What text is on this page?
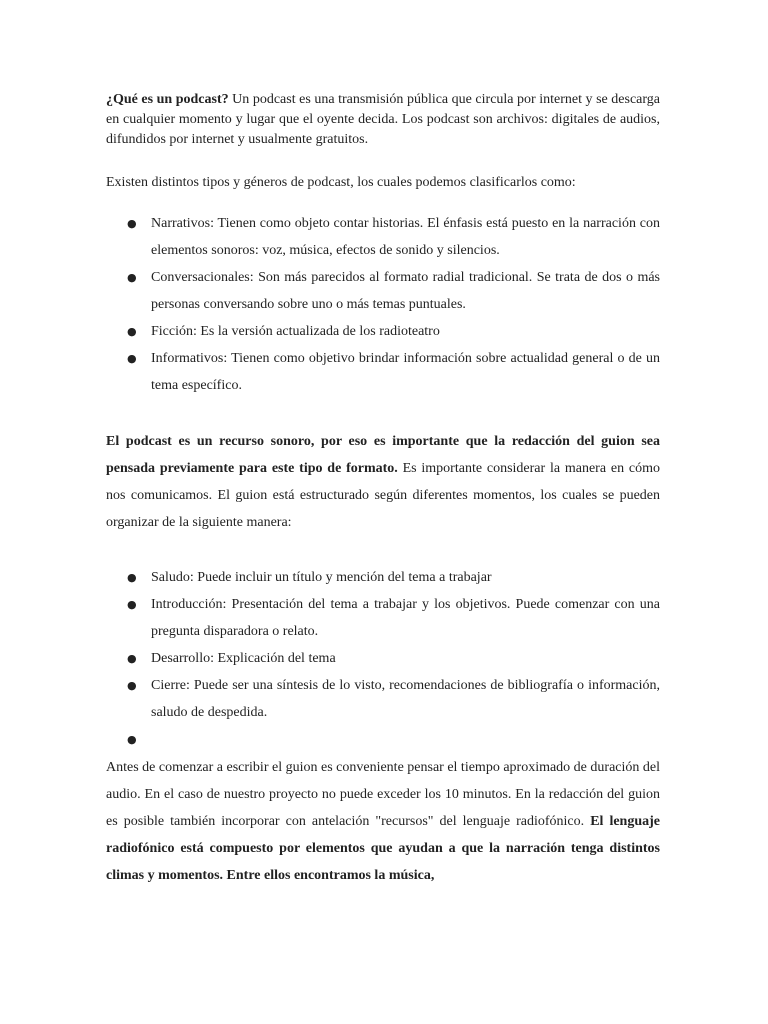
¿Qué es un podcast? Un podcast es una transmisión pública que circula por internet y se descarga en cualquier momento y lugar que el oyente decida. Los podcast son archivos: digitales de audios, difundidos por internet y usualmente gratuitos.

Existen distintos tipos y géneros de podcast, los cuales podemos clasificarlos como:

● Narrativos: Tienen como objeto contar historias. El énfasis está puesto en la narración con elementos sonoros: voz, música, efectos de sonido y silencios.
● Conversacionales: Son más parecidos al formato radial tradicional. Se trata de dos o más personas conversando sobre uno o más temas puntuales.
● Ficción: Es la versión actualizada de los radioteatro
● Informativos: Tienen como objetivo brindar información sobre actualidad general o de un tema específico.

El podcast es un recurso sonoro, por eso es importante que la redacción del guion sea pensada previamente para este tipo de formato. Es importante considerar la manera en cómo nos comunicamos. El guion está estructurado según diferentes momentos, los cuales se pueden organizar de la siguiente manera:

● Saludo: Puede incluir un título y mención del tema a trabajar
● Introducción: Presentación del tema a trabajar y los objetivos. Puede comenzar con una pregunta disparadora o relato.
● Desarrollo: Explicación del tema
● Cierre: Puede ser una síntesis de lo visto, recomendaciones de bibliografía o información, saludo de despedida.
●

Antes de comenzar a escribir el guion es conveniente pensar el tiempo aproximado de duración del audio. En el caso de nuestro proyecto no puede exceder los 10 minutos. En la redacción del guion es posible también incorporar con antelación "recursos" del lenguaje radiofónico. El lenguaje radiofónico está compuesto por elementos que ayudan a que la narración tenga distintos climas y momentos. Entre ellos encontramos la música,
